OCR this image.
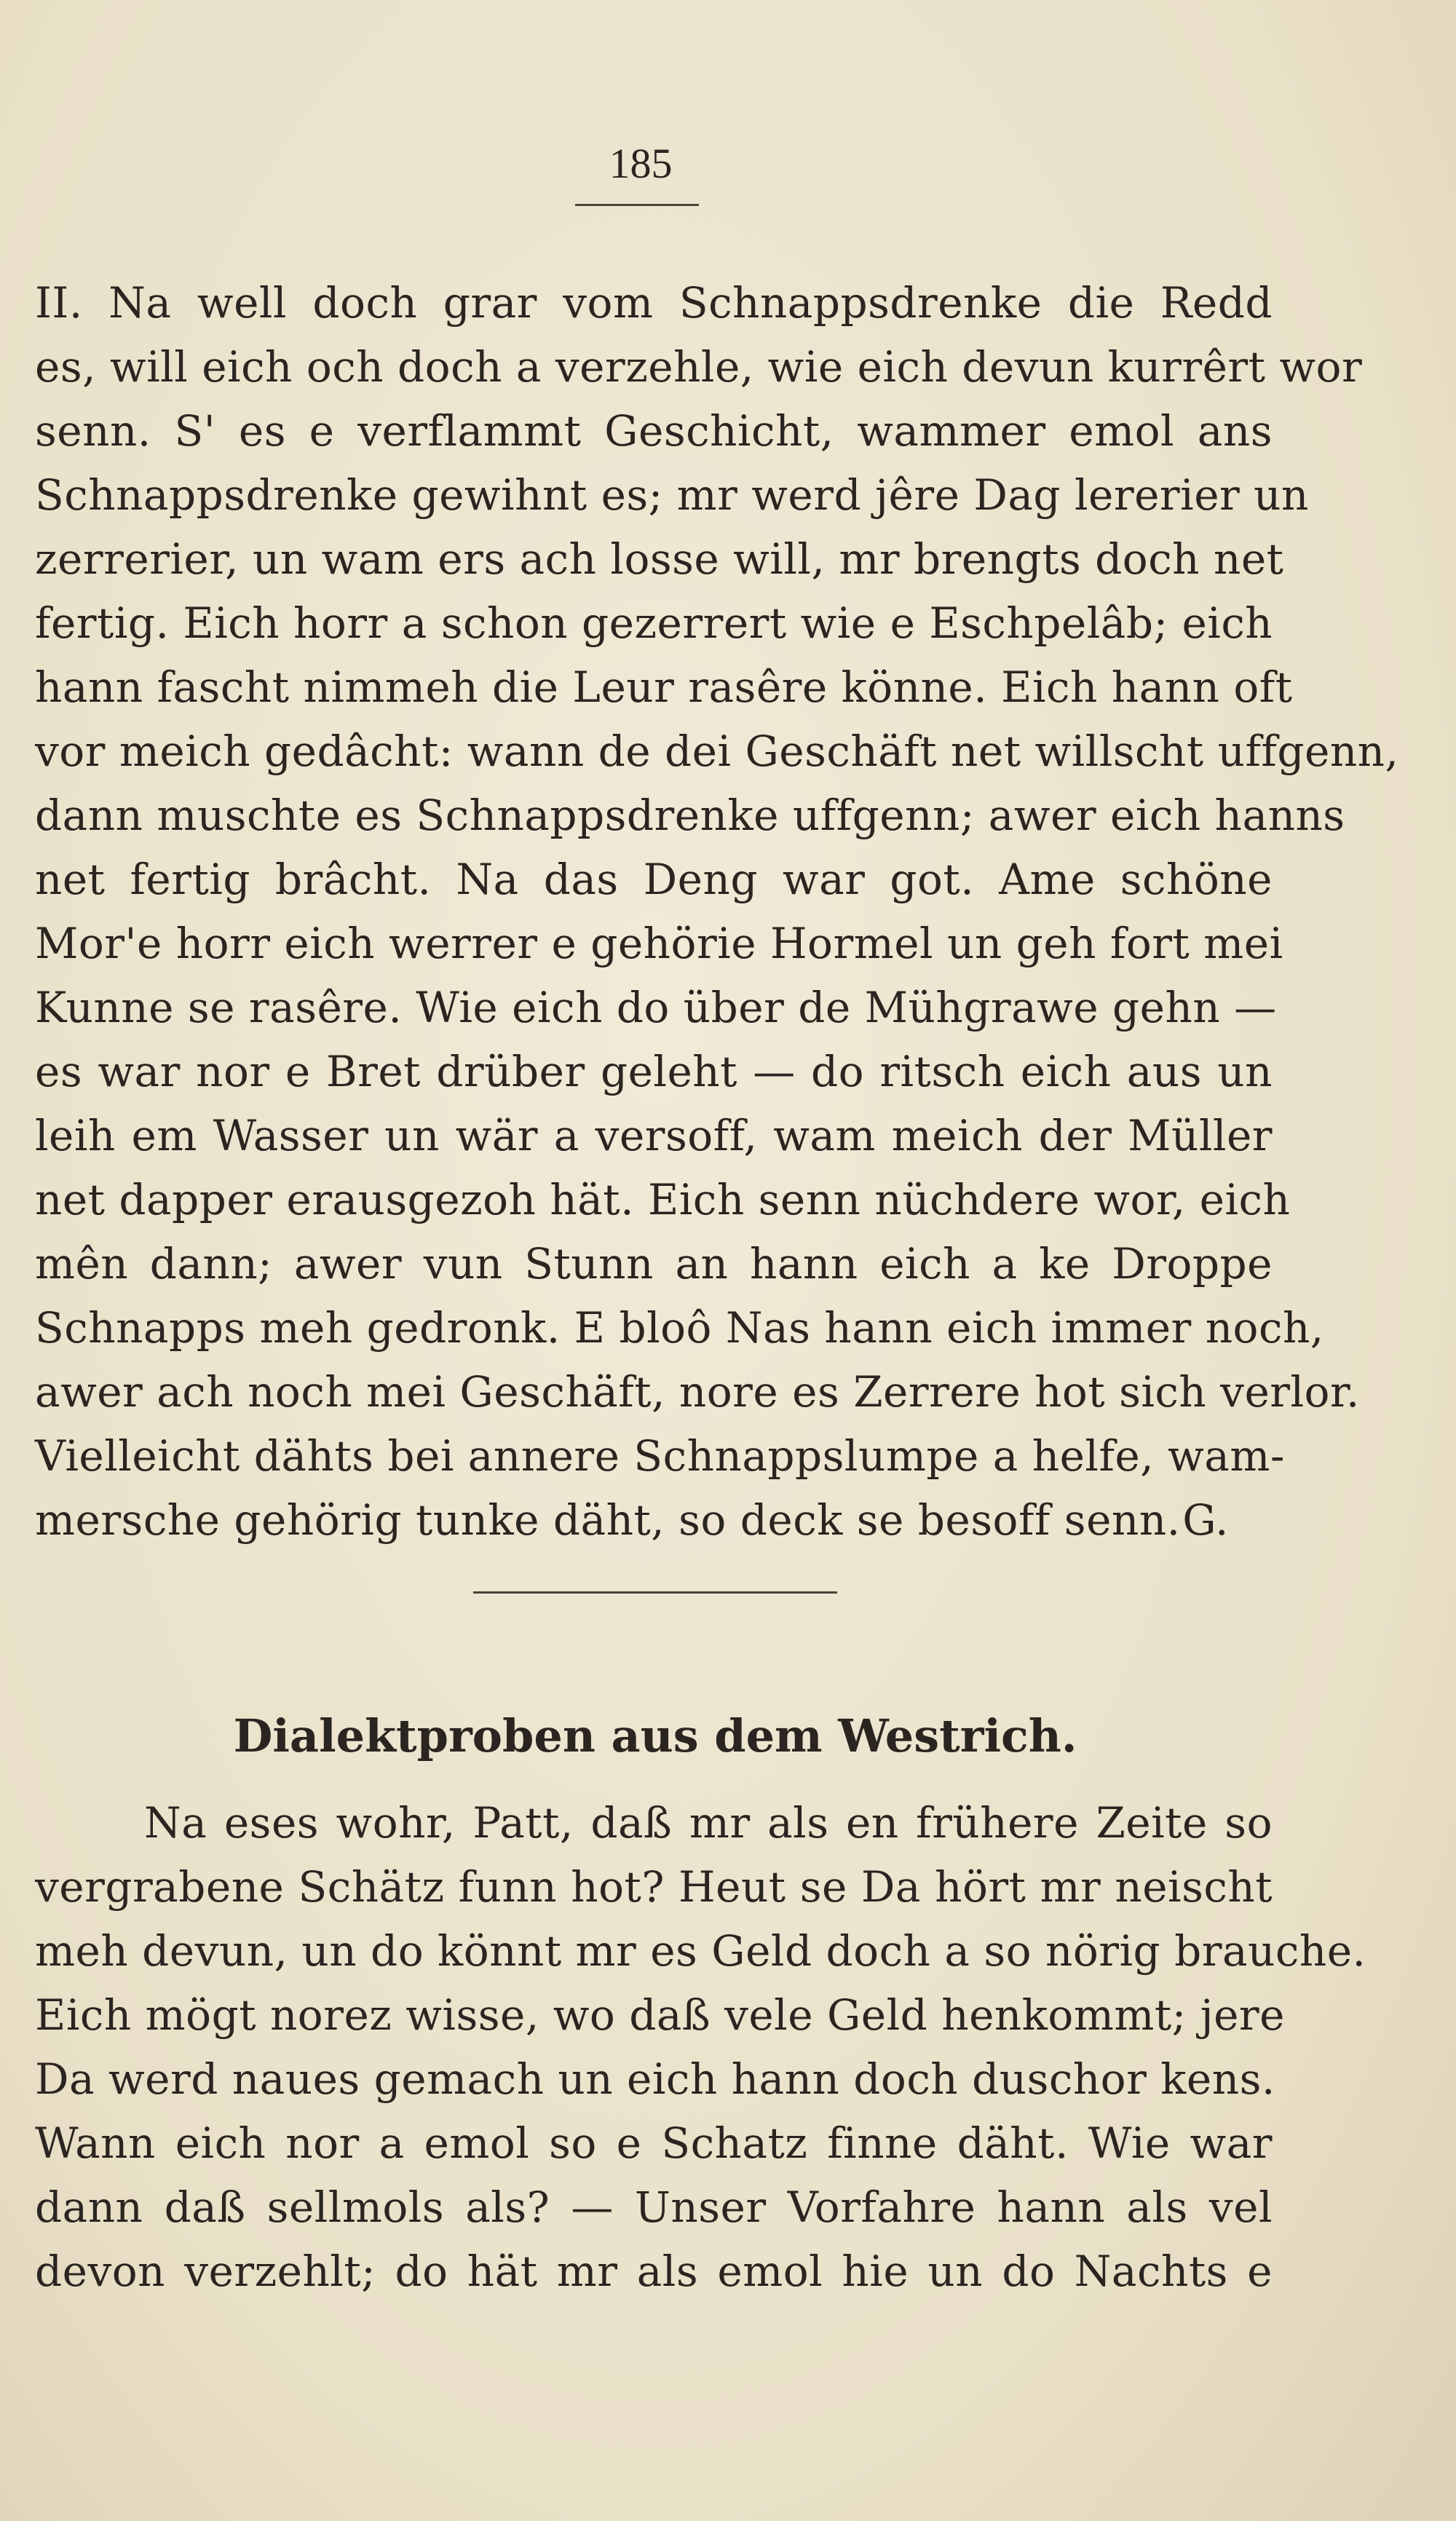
185
II. Na well doch grar vom Schnappsdrenke die Redd
es, will eich och doch a verzehle, wie eich devun kurrêrt wor
senn. S' es e verflammt Geschicht, wammer emol ans
Schnappsdrenke gewihnt es; mr werd jêre Dag lererier un
zerrerier, un wam ers ach losse will, mr brengts doch net
fertig. Eich horr a schon gezerrert wie e Eschpelâb; eich
hann fascht nimmeh die Leur rasêre könne. Eich hann oft
vor meich gedâcht: wann de dei Geschäft net willscht uffgenn,
dann muschte es Schnappsdrenke uffgenn; awer eich hanns
net fertig brâcht. Na das Deng war got. Ame schöne
Mor'e horr eich werrer e gehörie Hormel un geh fort mei
Kunne se rasêre. Wie eich do über de Mühgrawe gehn —
es war nor e Bret drüber geleht — do ritsch eich aus un
leih em Wasser un wär a versoff, wam meich der Müller
net dapper erausgezoh hät. Eich senn nüchdere wor, eich
mên dann; awer vun Stunn an hann eich a ke Droppe
Schnapps meh gedronk. E bloô Nas hann eich immer noch,
awer ach noch mei Geschäft, nore es Zerrere hot sich verlor.
Vielleicht dähts bei annere Schnappslumpe a helfe, wam-
mersche gehörig tunke däht, so deck se besoff senn. G.
Dialektproben aus dem Westrich.
Na eses wohr, Patt, daß mr als en frühere Zeite so
vergrabene Schätz funn hot? Heut se Da hört mr neischt
meh devun, un do könnt mr es Geld doch a so nörig brauche.
Eich mögt norez wisse, wo daß vele Geld henkommt; jere
Da werd naues gemach un eich hann doch duschor kens.
Wann eich nor a emol so e Schatz finne däht. Wie war
dann daß sellmols als? — Unser Vorfahre hann als vel
devon verzehlt; do hät mr als emol hie un do Nachts e
